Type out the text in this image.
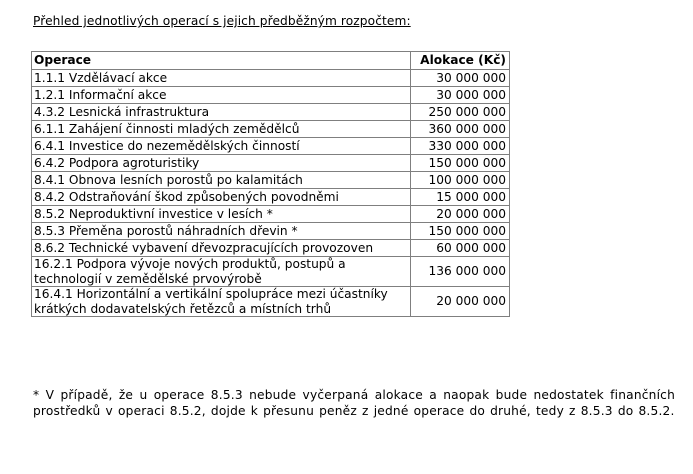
Přehled jednotlivých operací s jejich předběžným rozpočtem:
Operace	Alokace (Kč)
1.1.1 Vzdělávací akce	30 000 000
1.2.1 Informační akce	30 000 000
4.3.2 Lesnická infrastruktura	250 000 000
6.1.1 Zahájení činnosti mladých zemědělců	360 000 000
6.4.1 Investice do nezemědělských činností	330 000 000
6.4.2 Podpora agroturistiky	150 000 000
8.4.1 Obnova lesních porostů po kalamitách	100 000 000
8.4.2 Odstraňování škod způsobených povodněmi	15 000 000
8.5.2 Neproduktivní investice v lesích *	20 000 000
8.5.3 Přeměna porostů náhradních dřevin *	150 000 000
8.6.2 Technické vybavení dřevozpracujících provozoven	60 000 000
16.2.1 Podpora vývoje nových produktů, postupů a technologií v zemědělské prvovýrobě	136 000 000
16.4.1 Horizontální a vertikální spolupráce mezi účastníky krátkých dodavatelských řetězců a místních trhů	20 000 000
* V případě, že u operace 8.5.3 nebude vyčerpaná alokace a naopak bude nedostatek finančních prostředků v operaci 8.5.2, dojde k přesunu peněz z jedné operace do druhé, tedy z 8.5.3 do 8.5.2.
